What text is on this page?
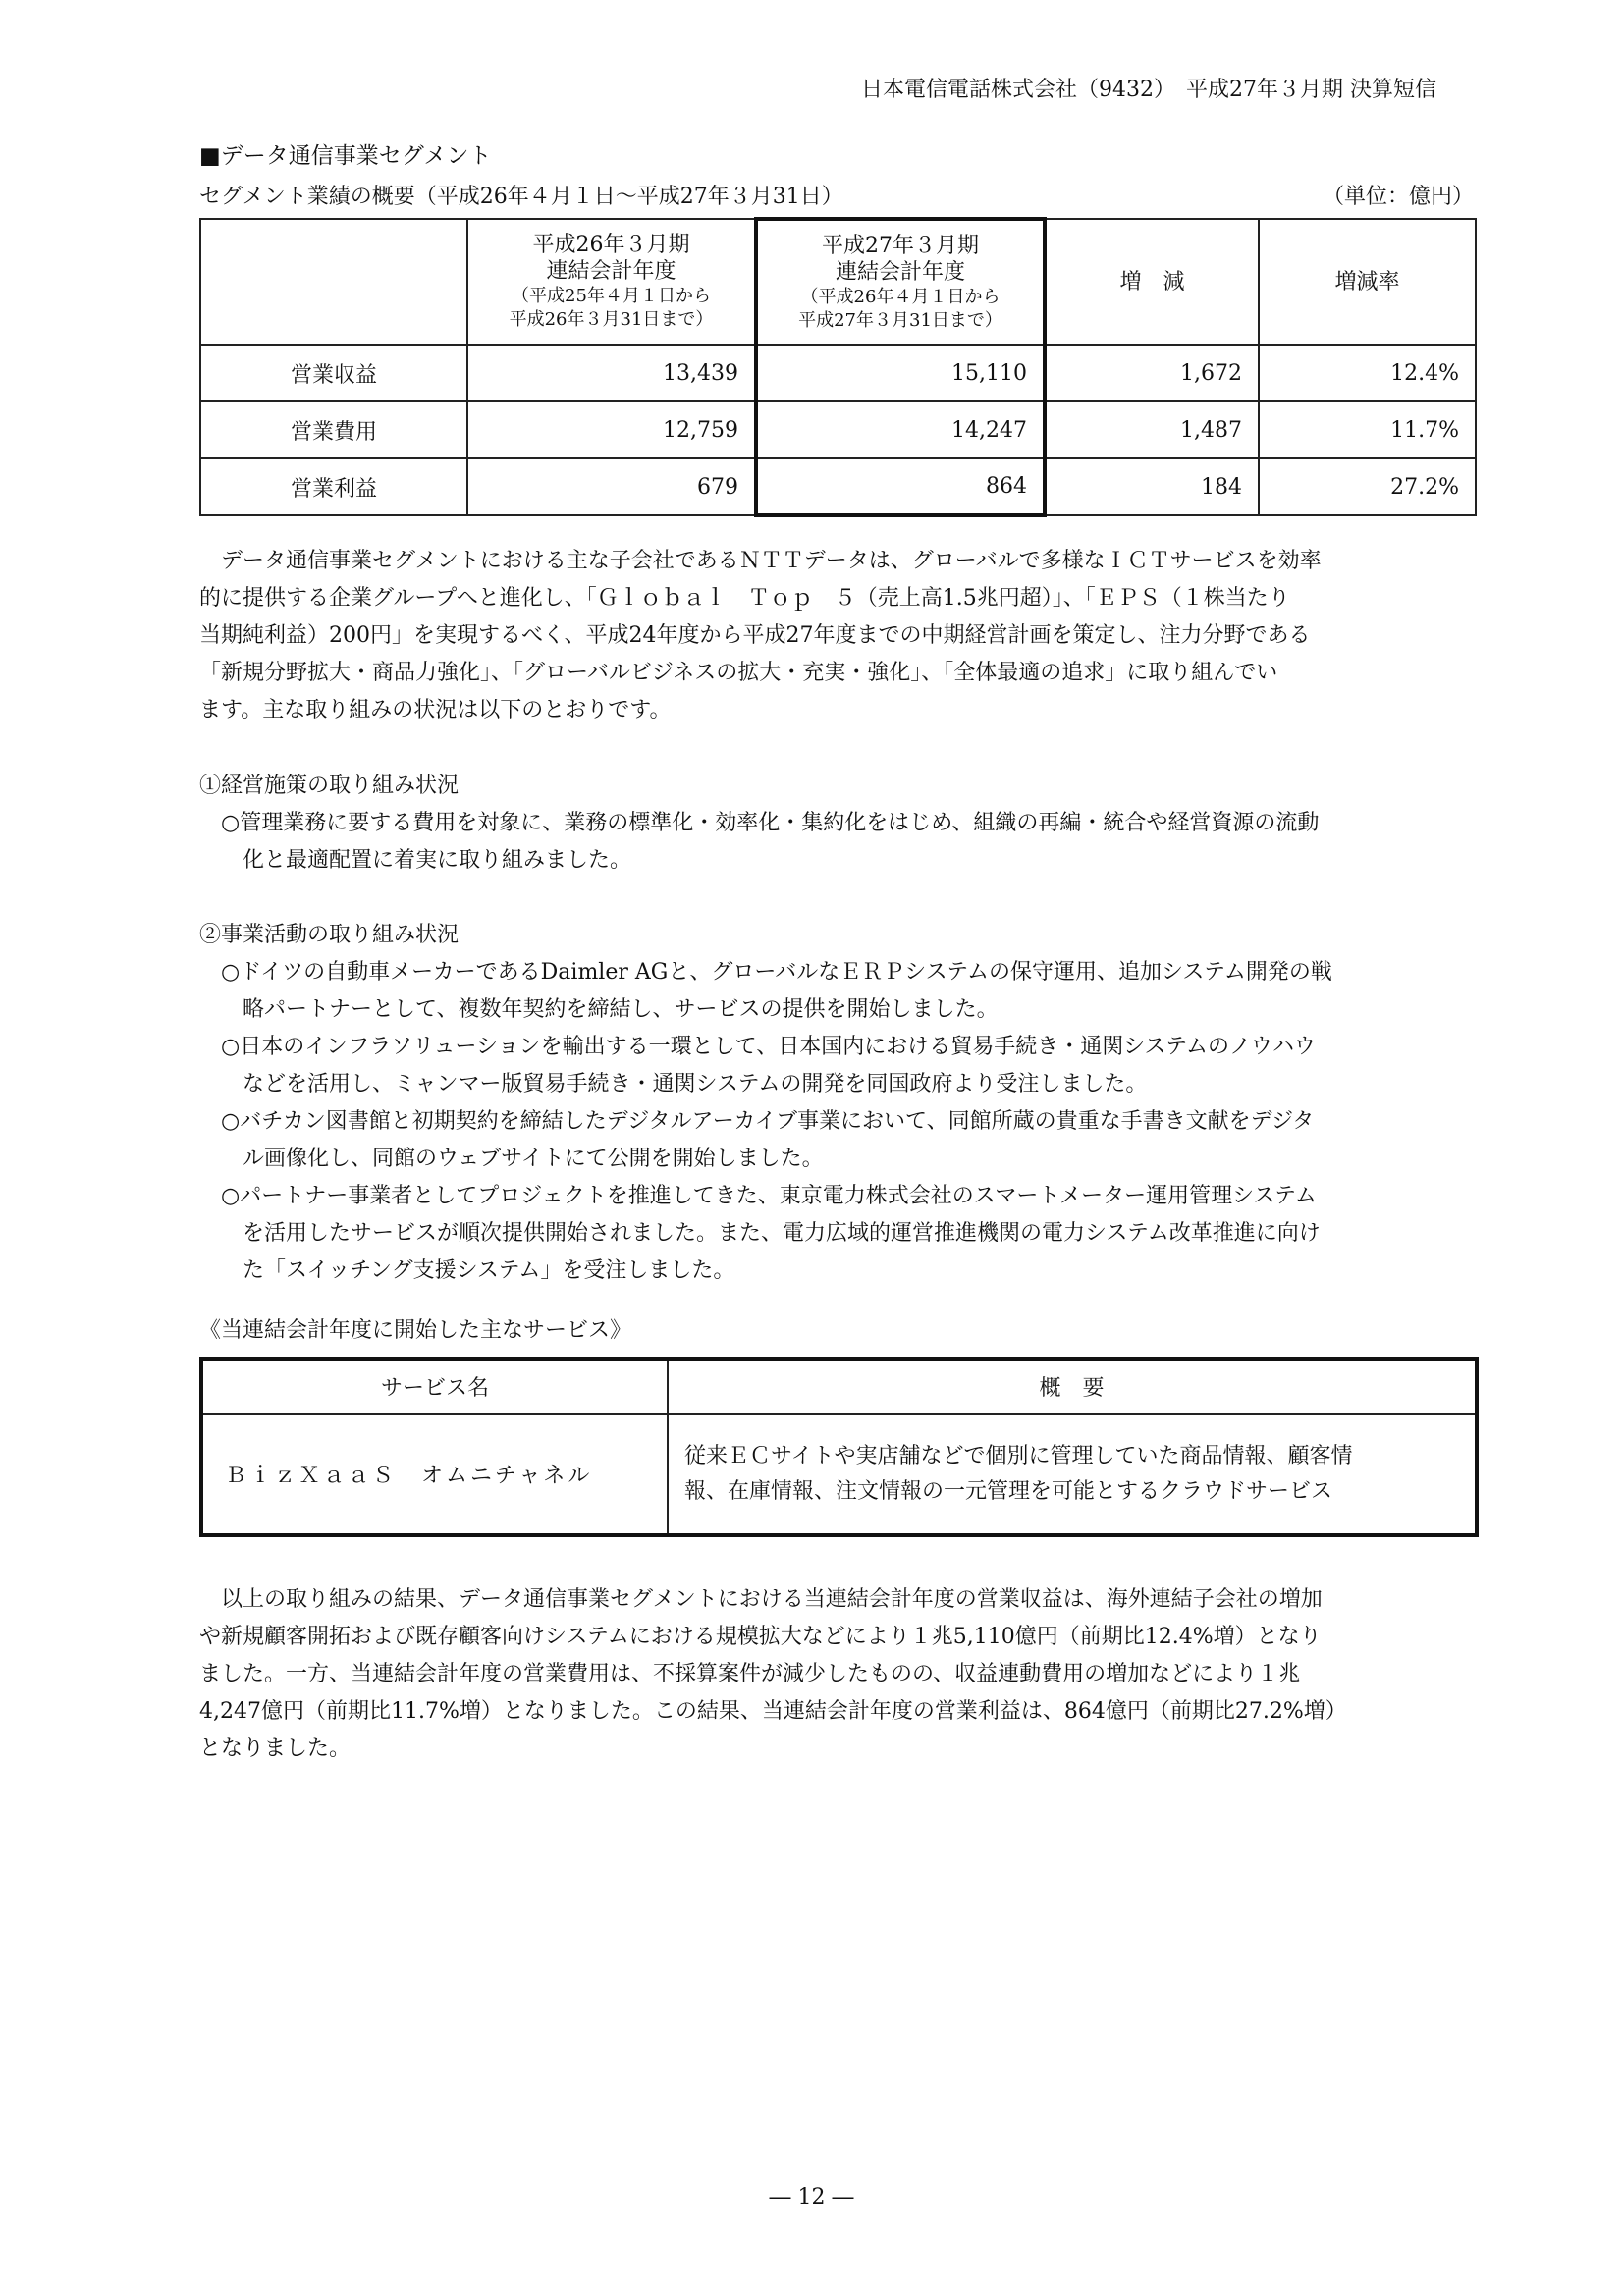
日本電信電話株式会社（9432）　平成27年３月期 決算短信
■データ通信事業セグメント
セグメント業績の概要（平成26年４月１日～平成27年３月31日）	（単位：億円）
	平成26年３月期
連結会計年度
（平成25年４月１日から
平成26年３月31日まで）	平成27年３月期
連結会計年度
（平成26年４月１日から
平成27年３月31日まで）	増　減	増減率
営業収益	13,439	15,110	1,672	12.4%
営業費用	12,759	14,247	1,487	11.7%
営業利益	679	864	184	27.2%
　データ通信事業セグメントにおける主な子会社であるＮＴＴデータは、グローバルで多様なＩＣＴサービスを効率
的に提供する企業グループへと進化し、「Ｇｌｏｂａｌ　Ｔｏｐ　５（売上高1.5兆円超）」、「ＥＰＳ（１株当たり
当期純利益）200円」を実現するべく、平成24年度から平成27年度までの中期経営計画を策定し、注力分野である
「新規分野拡大・商品力強化」、「グローバルビジネスの拡大・充実・強化」、「全体最適の追求」に取り組んでい
ます。主な取り組みの状況は以下のとおりです。
①経営施策の取り組み状況
○管理業務に要する費用を対象に、業務の標準化・効率化・集約化をはじめ、組織の再編・統合や経営資源の流動
　化と最適配置に着実に取り組みました。
②事業活動の取り組み状況
○ドイツの自動車メーカーであるDaimler AGと、グローバルなＥＲＰシステムの保守運用、追加システム開発の戦
　略パートナーとして、複数年契約を締結し、サービスの提供を開始しました。
○日本のインフラソリューションを輸出する一環として、日本国内における貿易手続き・通関システムのノウハウ
　などを活用し、ミャンマー版貿易手続き・通関システムの開発を同国政府より受注しました。
○バチカン図書館と初期契約を締結したデジタルアーカイブ事業において、同館所蔵の貴重な手書き文献をデジタ
　ル画像化し、同館のウェブサイトにて公開を開始しました。
○パートナー事業者としてプロジェクトを推進してきた、東京電力株式会社のスマートメーター運用管理システム
　を活用したサービスが順次提供開始されました。また、電力広域的運営推進機関の電力システム改革推進に向け
　た「スイッチング支援システム」を受注しました。
《当連結会計年度に開始した主なサービス》
サービス名	概　要
ＢｉｚＸａａＳ　オムニチャネル	従来ＥＣサイトや実店舗などで個別に管理していた商品情報、顧客情
報、在庫情報、注文情報の一元管理を可能とするクラウドサービス
　以上の取り組みの結果、データ通信事業セグメントにおける当連結会計年度の営業収益は、海外連結子会社の増加
や新規顧客開拓および既存顧客向けシステムにおける規模拡大などにより１兆5,110億円（前期比12.4%増）となり
ました。一方、当連結会計年度の営業費用は、不採算案件が減少したものの、収益連動費用の増加などにより１兆
4,247億円（前期比11.7%増）となりました。この結果、当連結会計年度の営業利益は、864億円（前期比27.2%増）
となりました。
― 12 ―
